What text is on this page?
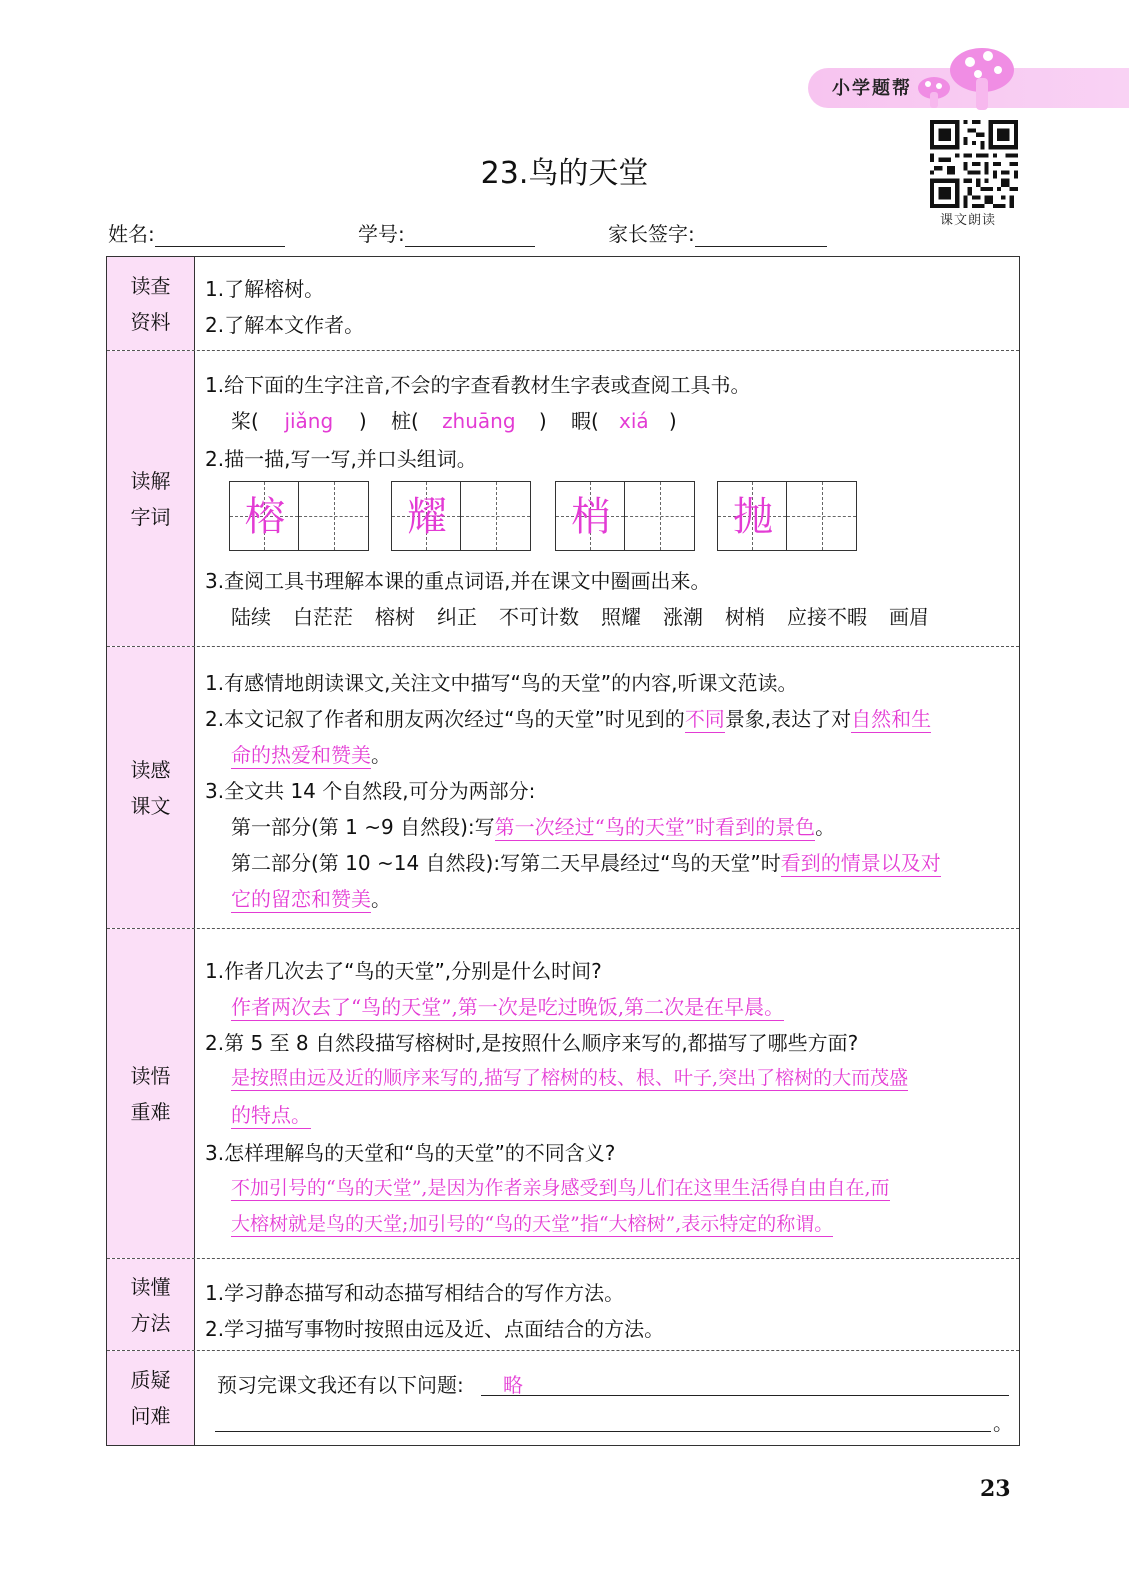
小学题帮
课文朗读
23.鸟的天堂
姓名:	学号:	家长签字:
读查
资料
1.了解榕树。
2.了解本文作者。
读解
字词
1.给下面的生字注音,不会的字查看教材生字表或查阅工具书。
桨( jiǎng ) 桩( zhuāng ) 暇( xiá )
2.描一描,写一写,并口头组词。
榕	耀	梢	抛
3.查阅工具书理解本课的重点词语,并在课文中圈画出来。
陆续 白茫茫 榕树 纠正 不可计数 照耀 涨潮 树梢 应接不暇 画眉
读感
课文
1.有感情地朗读课文,关注文中描写“鸟的天堂”的内容,听课文范读。
2.本文记叙了作者和朋友两次经过“鸟的天堂”时见到的不同景象,表达了对自然和生
命的热爱和赞美。
3.全文共 14 个自然段,可分为两部分:
第一部分(第 1 ~9 自然段):写第一次经过“鸟的天堂”时看到的景色。
第二部分(第 10 ~14 自然段):写第二天早晨经过“鸟的天堂”时看到的情景以及对
它的留恋和赞美。
读悟
重难
1.作者几次去了“鸟的天堂”,分别是什么时间?
作者两次去了“鸟的天堂”,第一次是吃过晚饭,第二次是在早晨。
2.第 5 至 8 自然段描写榕树时,是按照什么顺序来写的,都描写了哪些方面?
是按照由远及近的顺序来写的,描写了榕树的枝、根、叶子,突出了榕树的大而茂盛
的特点。
3.怎样理解鸟的天堂和“鸟的天堂”的不同含义?
不加引号的“鸟的天堂”,是因为作者亲身感受到鸟儿们在这里生活得自由自在,而
大榕树就是鸟的天堂;加引号的“鸟的天堂”指“大榕树”,表示特定的称谓。
读懂
方法
1.学习静态描写和动态描写相结合的写作方法。
2.学习描写事物时按照由远及近、点面结合的方法。
质疑
问难
预习完课文我还有以下问题: 略
。
23
